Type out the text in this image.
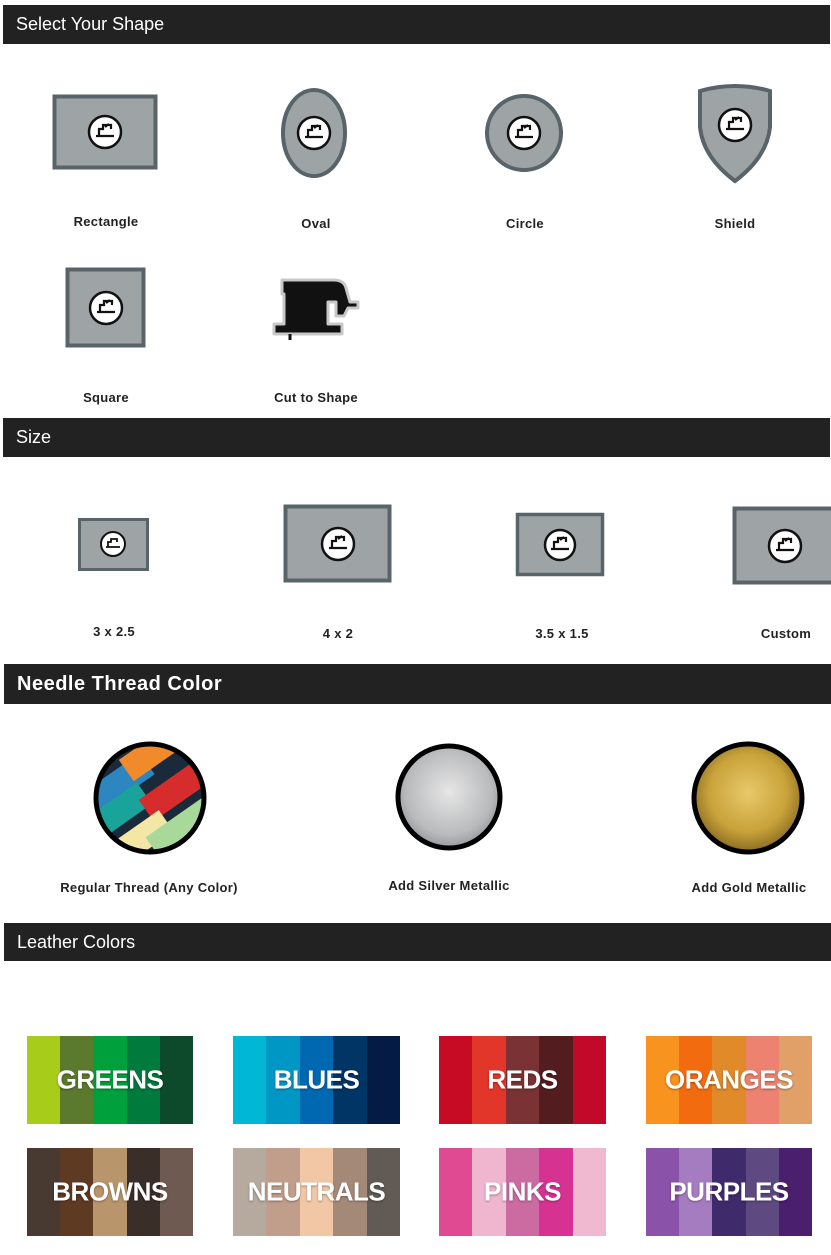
Select Your Shape
Rectangle	Oval	Circle	Shield
Square	Cut to Shape
Size
3 x 2.5	4 x 2	3.5 x 1.5	Custom
Needle Thread Color
Regular Thread (Any Color)	Add Silver Metallic	Add Gold Metallic
Leather Colors
GREENS	BLUES	REDS	ORANGES
BROWNS	NEUTRALS	PINKS	PURPLES
